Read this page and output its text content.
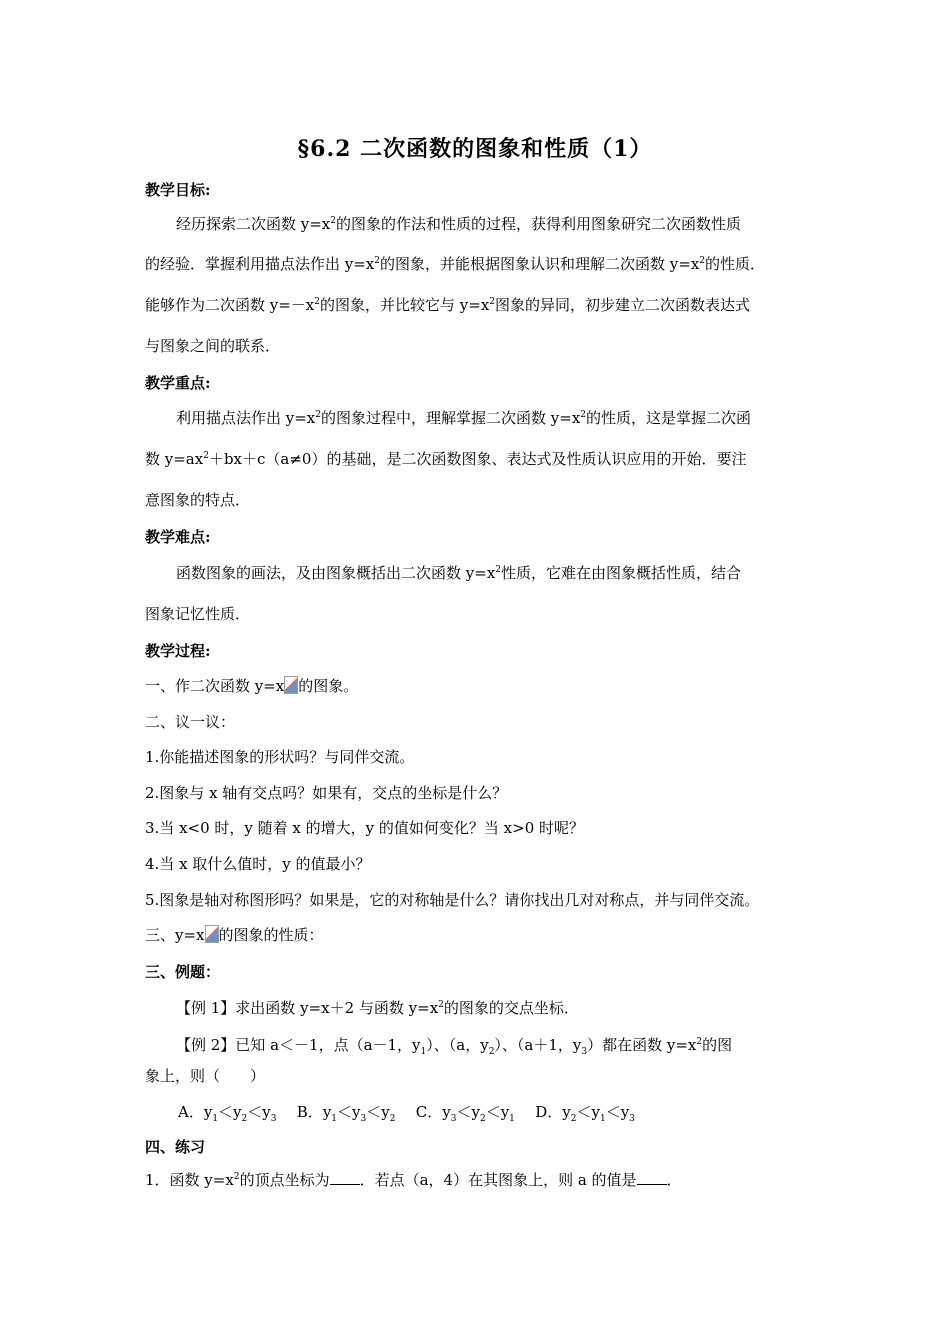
§6.2 二次函数的图象和性质（1）
教学目标:
经历探索二次函数 $y=x^2$的图象的作法和性质的过程，获得利用图象研究二次函数性质
的经验．掌握利用描点法作出 $y=x^2$的图象，并能根据图象认识和理解二次函数 $y=x^2$的性质．
能够作为二次函数 $y=-x^2$的图象，并比较它与 $y=x^2$图象的异同，初步建立二次函数表达式
与图象之间的联系．
教学重点:
利用描点法作出 $y=x^2$的图象过程中，理解掌握二次函数 $y=x^2$的性质，这是掌握二次函
数 $y=ax^2+bx+c(a\ne 0)$的基础，是二次函数图象、表达式及性质认识应用的开始．要注
意图象的特点．
教学难点:
函数图象的画法，及由图象概括出二次函数 $y=x^2$性质，它难在由图象概括性质，结合
图象记忆性质．
教学过程:
一、作二次函数 y=x 的图象。
二、议一议：
1.你能描述图象的形状吗？与同伴交流。
2.图象与 x 轴有交点吗？如果有，交点的坐标是什么？
3.当 x<0 时，y 随着 x 的增大，y 的值如何变化？当 x>0 时呢？
4.当 x 取什么值时，y 的值最小？
5.图象是轴对称图形吗？如果是，它的对称轴是什么？请你找出几对对称点，并与同伴交流。
三、y=x 的图象的性质：
三、例题：
【例 1】求出函数 y=x＋2 与函数 $y=x^2$的图象的交点坐标．
【例 2】已知 a＜－1，点（a－1，$y_1$）、（a，$y_2$）、（a＋1，$y_3$）都在函数 $y=x^2$的图
象上，则（　　）
A．$y_1<y_2<y_3$ B．$y_1<y_3<y_2$ C．$y_3<y_2<y_1$ D．$y_2<y_1<y_3$
四、练习
1．函数 $y=x^2$的顶点坐标为 ．若点（a，4）在其图象上，则 a 的值是 ．
